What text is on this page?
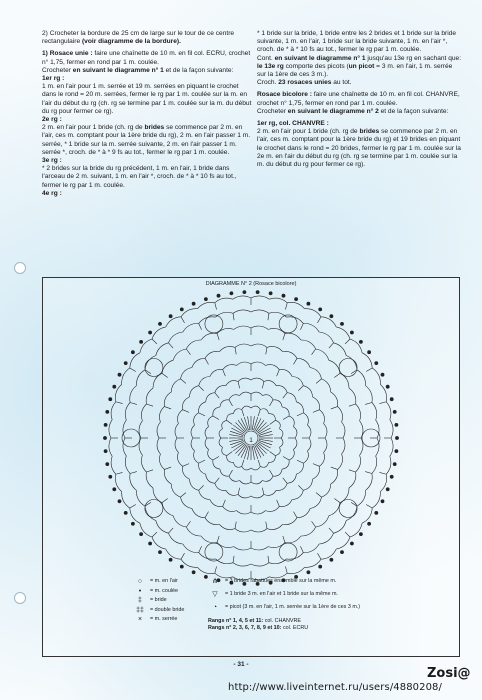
2) Crocheter la bordure de 25 cm de large sur le tour de ce centre rectangulaire (voir diagramme de la bordure).

1) Rosace unie : faire une chaînette de 10 m. en fil col. ECRU, crochet n° 1,75, fermer en rond par 1 m. coulée.

Crocheter en suivant le diagramme n° 1 et de la façon suivante:

1er rg :

1 m. en l'air pour 1 m. serrée et 19 m. serrées en piquant le crochet dans le rond = 20 m. serrées, fermer le rg par 1 m. coulée sur la m. en l'air du début du rg (ch. rg se termine par 1 m. coulée sur la m. du début du rg pour fermer ce rg).

2e rg :

2 m. en l'air pour 1 bride (ch. rg de brides se commence par 2 m. en l'air, ces m. comptant pour la 1ère bride du rg), 2 m. en l'air passer 1 m. serrée, * 1 bride sur la m. serrée suivante, 2 m. en l'air passer 1 m. serrée *, croch. de * à * 9 fs au tot., fermer le rg par 1 m. coulée.

3e rg :

* 2 brides sur la bride du rg précédent, 1 m. en l'air, 1 bride dans l'arceau de 2 m. suivant, 1 m. en l'air *, croch. de * à * 10 fs au tot., fermer le rg par 1 m. coulée.

4e rg :

* 1 bride sur la bride, 1 bride entre les 2 brides et 1 bride sur la bride suivante, 1 m. en l'air, 1 bride sur la bride suivante, 1 m. en l'air *, croch. de * à * 10 fs au tot., fermer le rg par 1 m. coulée.

Cont. en suivant le diagramme n° 1 jusqu'au 13e rg en sachant que:

le 13e rg comporte des picots (un picot = 3 m. en l'air, 1 m. serrée sur la 1ère de ces 3 m.).

Croch. 23 rosaces unies au tot.

Rosace bicolore : faire une chaînette de 10 m. en fil col. CHANVRE, crochet n° 1,75, fermer en rond par 1 m. coulée.

Crocheter en suivant le diagramme n° 2 et de la façon suivante:

1er rg, col. CHANVRE :

2 m. en l'air pour 1 bride (ch. rg de brides se commence par 2 m. en l'air, ces m. comptant pour la 1ère bride du rg) et 19 brides en piquant le crochet dans le rond = 20 brides, fermer le rg par 1 m. coulée sur la 2e m. en l'air du début du rg (ch. rg se termine par 1 m. coulée sur la m. du début du rg pour fermer ce rg).

DIAGRAMME N° 2 (Rosace bicolore)
1
○	= m. en l'air
•	= m. coulée
‡	= bride
‡‡	= double bride
×	= m. serrée
⋔	= 3 brides rabattues ensemble sur la même m.
▽	= 1 bride 3 m. en l'air et 1 bride sur la même m.
◔	= picot (3 m. en l'air, 1 m. serrée sur la 1ère de ces 3 m.)
Rangs n° 1, 4, 5 et 11: col. CHANVRE
Rangs n° 2, 3, 6, 7, 8, 9 et 10: col. ECRU
- 31 -
Zosi@
http://www.liveinternet.ru/users/4880208/
